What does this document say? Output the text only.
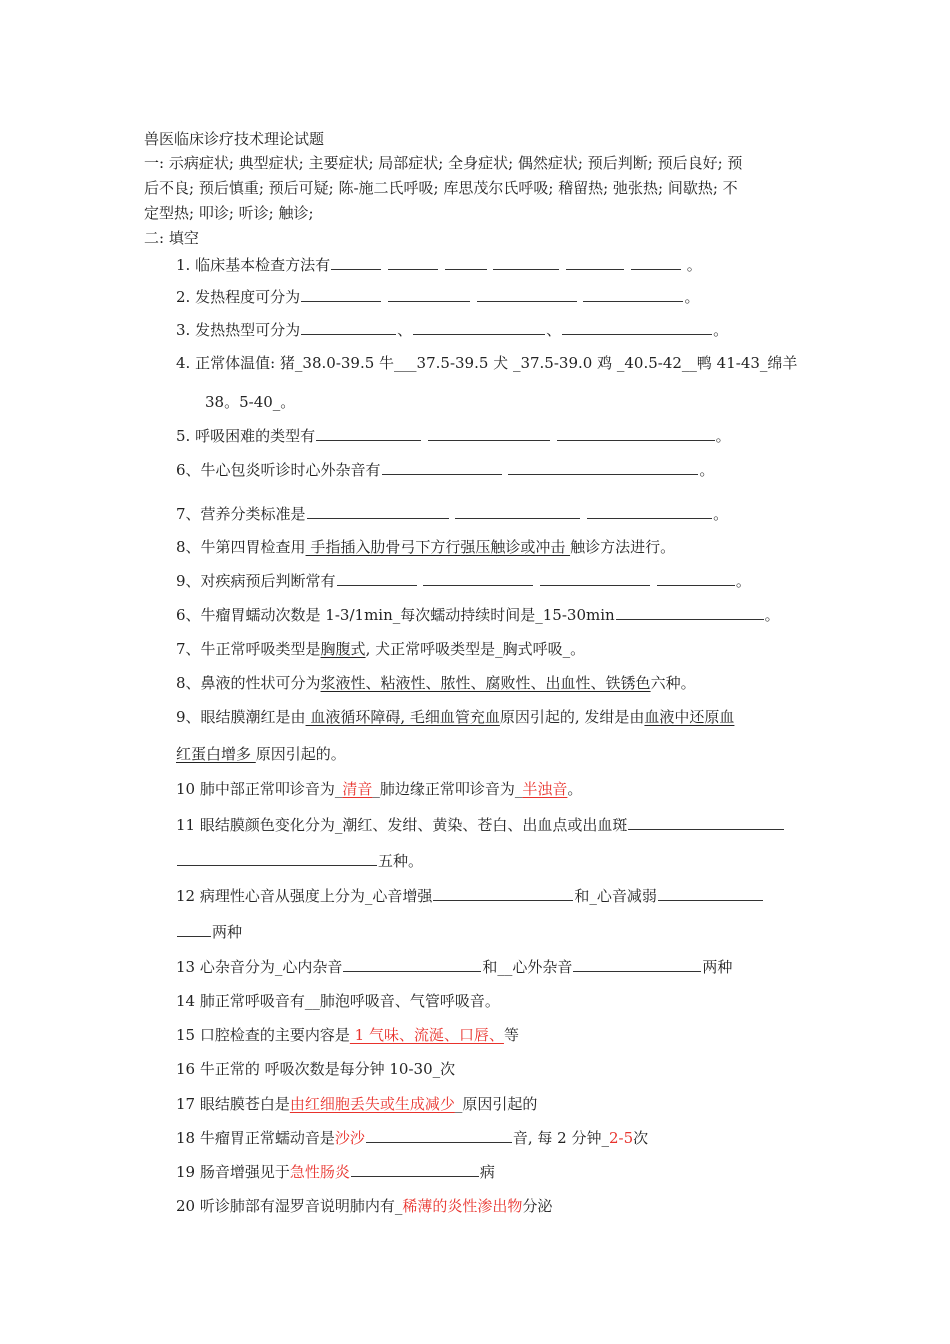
兽医临床诊疗技术理论试题
一: 示病症状; 典型症状; 主要症状; 局部症状; 全身症状; 偶然症状; 预后判断; 预后良好; 预
后不良; 预后慎重; 预后可疑; 陈-施二氏呼吸; 库思茂尔氏呼吸; 稽留热; 弛张热; 间歇热; 不
定型热; 叩诊; 听诊; 触诊;
二: 填空
1. 临床基本检查方法有	。
2. 发热程度可分为	。
3. 发热热型可分为	、	、	。
4. 正常体温值: 猪_38.0-39.5 牛___37.5-39.5 犬 _37.5-39.0 鸡 _40.5-42__鸭 41-43_绵羊
38。5-40_。
5. 呼吸困难的类型有	。
6、牛心包炎听诊时心外杂音有	。
7、营养分类标准是	。
8、牛第四胃检查用 手指插入肋骨弓下方行强压触诊或冲击 触诊方法进行。
9、对疾病预后判断常有	。
6、牛瘤胃蠕动次数是 1-3/1min_每次蠕动持续时间是_15-30min	。
7、牛正常呼吸类型是胸腹式, 犬正常呼吸类型是_胸式呼吸_。
8、鼻液的性状可分为浆液性、粘液性、脓性、腐败性、出血性、铁锈色六种。
9、眼结膜潮红是由 血液循环障碍, 毛细血管充血原因引起的, 发绀是由血液中还原血
红蛋白增多 原因引起的。
10 肺中部正常叩诊音为_清音_肺边缘正常叩诊音为_半浊音。
11 眼结膜颜色变化分为_潮红、发绀、黄染、苍白、出血点或出血斑
五种。
12 病理性心音从强度上分为_心音增强	和_心音减弱
两种
13 心杂音分为_心内杂音	和__心外杂音	两种
14 肺正常呼吸音有__肺泡呼吸音、气管呼吸音。
15 口腔检查的主要内容是 1 气味、流涎、口唇、等
16 牛正常的 呼吸次数是每分钟 10-30_次
17 眼结膜苍白是由红细胞丢失或生成减少_原因引起的
18 牛瘤胃正常蠕动音是沙沙	音, 每 2 分钟_2-5次
19 肠音增强见于急性肠炎	病
20 听诊肺部有湿罗音说明肺内有_稀薄的炎性渗出物分泌
